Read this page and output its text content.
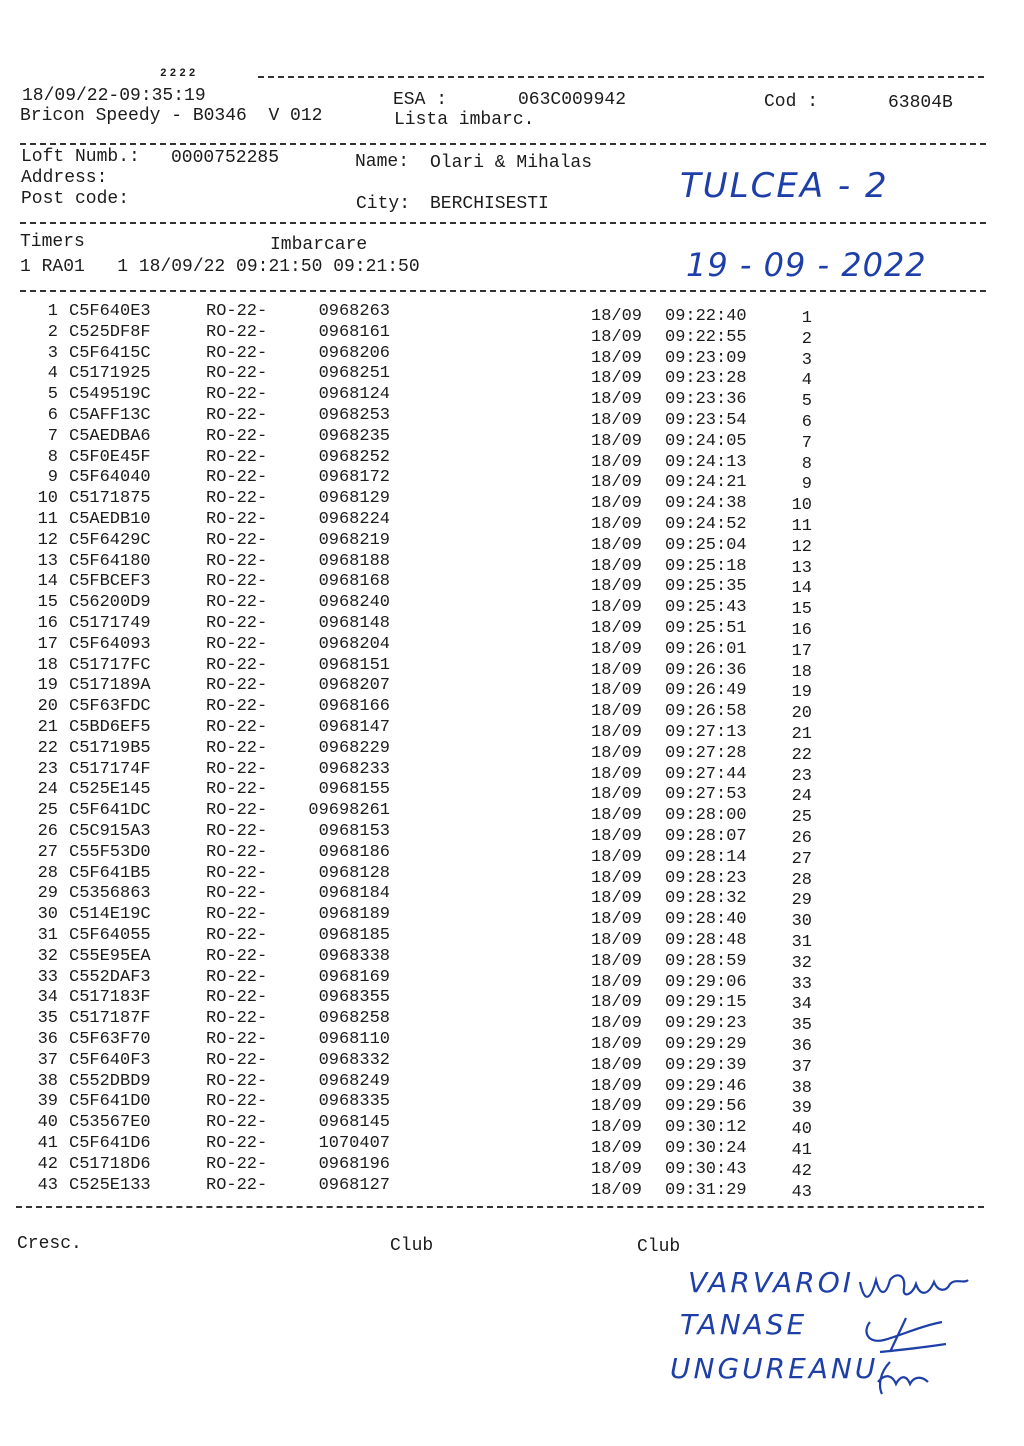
2222
18/09/22-09:35:19	ESA :	063C009942	Cod :	63804B
Bricon Speedy - B0346  V 012	Lista imbarc.
Loft Numb.: 0000752285	Name: Olari & Mihalas
Address:
Post code:	City: BERCHISESTI	TULCEA - 2
Timers	Imbarcare
1 RA01   1 18/09/22 09:21:50 09:21:50	19 - 09 - 2022
1 C5F640E3	RO-22-	0968263	18/09 09:22:40	1
2 C525DF8F	RO-22-	0968161	18/09 09:22:55	2
3 C5F6415C	RO-22-	0968206	18/09 09:23:09	3
4 C5171925	RO-22-	0968251	18/09 09:23:28	4
5 C549519C	RO-22-	0968124	18/09 09:23:36	5
6 C5AFF13C	RO-22-	0968253	18/09 09:23:54	6
7 C5AEDBA6	RO-22-	0968235	18/09 09:24:05	7
8 C5F0E45F	RO-22-	0968252	18/09 09:24:13	8
9 C5F64040	RO-22-	0968172	18/09 09:24:21	9
10 C5171875	RO-22-	0968129	18/09 09:24:38	10
11 C5AEDB10	RO-22-	0968224	18/09 09:24:52	11
12 C5F6429C	RO-22-	0968219	18/09 09:25:04	12
13 C5F64180	RO-22-	0968188	18/09 09:25:18	13
14 C5FBCEF3	RO-22-	0968168	18/09 09:25:35	14
15 C56200D9	RO-22-	0968240	18/09 09:25:43	15
16 C5171749	RO-22-	0968148	18/09 09:25:51	16
17 C5F64093	RO-22-	0968204	18/09 09:26:01	17
18 C51717FC	RO-22-	0968151	18/09 09:26:36	18
19 C517189A	RO-22-	0968207	18/09 09:26:49	19
20 C5F63FDC	RO-22-	0968166	18/09 09:26:58	20
21 C5BD6EF5	RO-22-	0968147	18/09 09:27:13	21
22 C51719B5	RO-22-	0968229	18/09 09:27:28	22
23 C517174F	RO-22-	0968233	18/09 09:27:44	23
24 C525E145	RO-22-	0968155	18/09 09:27:53	24
25 C5F641DC	RO-22- 09698261	18/09 09:28:00	25
26 C5C915A3	RO-22-	0968153	18/09 09:28:07	26
27 C55F53D0	RO-22-	0968186	18/09 09:28:14	27
28 C5F641B5	RO-22-	0968128	18/09 09:28:23	28
29 C5356863	RO-22-	0968184	18/09 09:28:32	29
30 C514E19C	RO-22-	0968189	18/09 09:28:40	30
31 C5F64055	RO-22-	0968185	18/09 09:28:48	31
32 C55E95EA	RO-22-	0968338	18/09 09:28:59	32
33 C552DAF3	RO-22-	0968169	18/09 09:29:06	33
34 C517183F	RO-22-	0968355	18/09 09:29:15	34
35 C517187F	RO-22-	0968258	18/09 09:29:23	35
36 C5F63F70	RO-22-	0968110	18/09 09:29:29	36
37 C5F640F3	RO-22-	0968332	18/09 09:29:39	37
38 C552DBD9	RO-22-	0968249	18/09 09:29:46	38
39 C5F641D0	RO-22-	0968335	18/09 09:29:56	39
40 C53567E0	RO-22-	0968145	18/09 09:30:12	40
41 C5F641D6	RO-22-	1070407	18/09 09:30:24	41
42 C51718D6	RO-22-	0968196	18/09 09:30:43	42
43 C525E133	RO-22-	0968127	18/09 09:31:29	43
Cresc.	Club	Club
VARVAROI
TANASE
UNGUREANU
